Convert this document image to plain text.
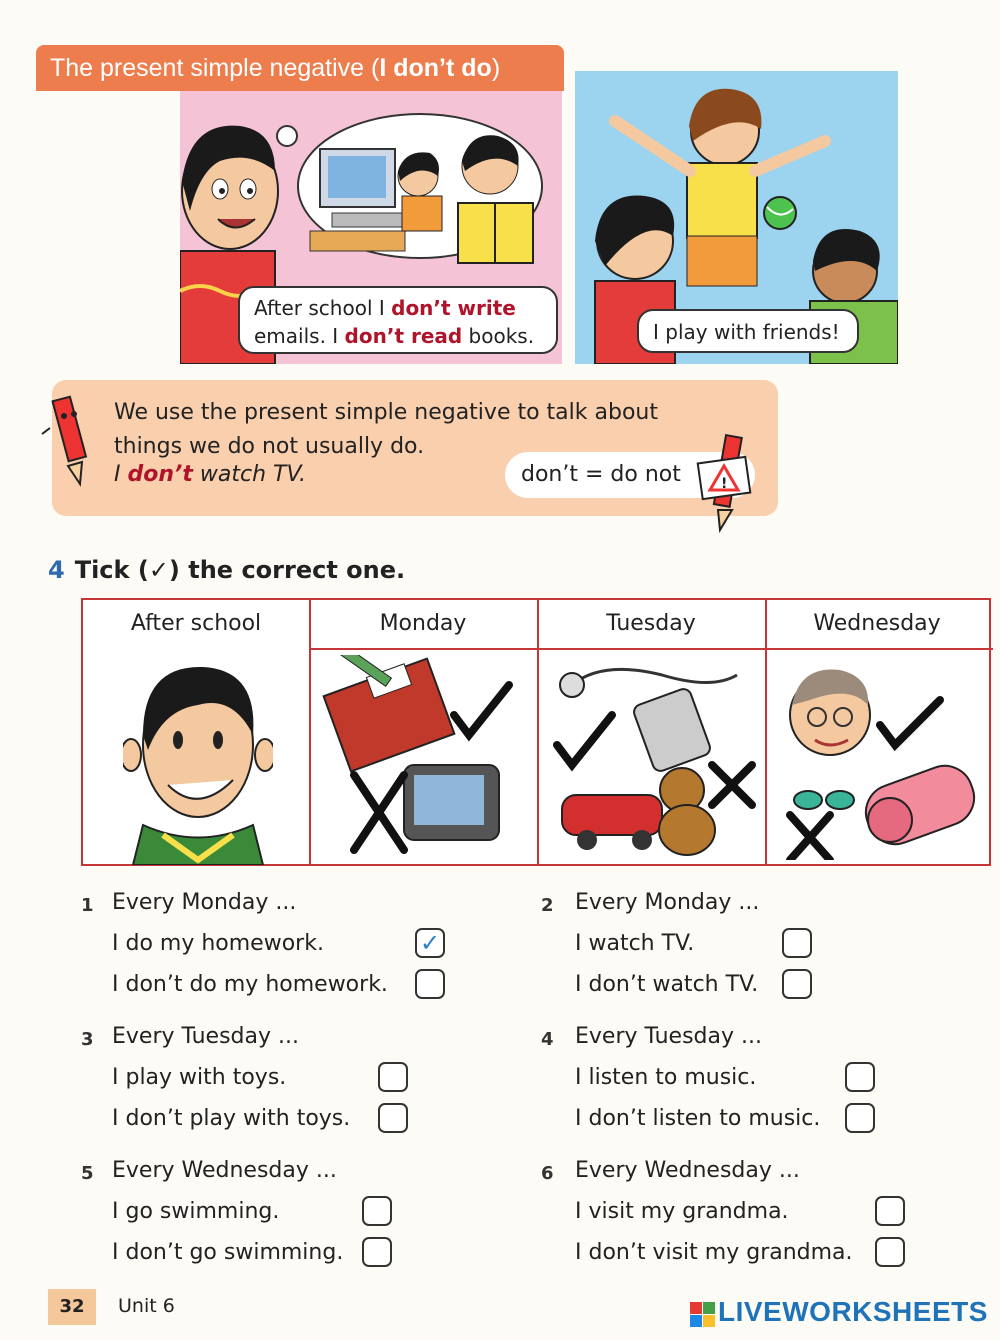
The present simple negative (I don’t do)
After school I don’t write
emails. I don’t read books.	I play with friends!
We use the present simple negative to talk about
things we do not usually do.
I don’t watch TV.	don’t = do not	!
4 Tick (✓) the correct one.
After school	Monday	Tuesday	Wednesday
1 Every Monday ...
I do my homework.	✓
I don’t do my homework.
2 Every Monday ...
I watch TV.
I don’t watch TV.
3 Every Tuesday ...
I play with toys.
I don’t play with toys.
4 Every Tuesday ...
I listen to music.
I don’t listen to music.
5 Every Wednesday ...
I go swimming.
I don’t go swimming.
6 Every Wednesday ...
I visit my grandma.
I don’t visit my grandma.
32	Unit 6	LIVEWORKSHEETS
